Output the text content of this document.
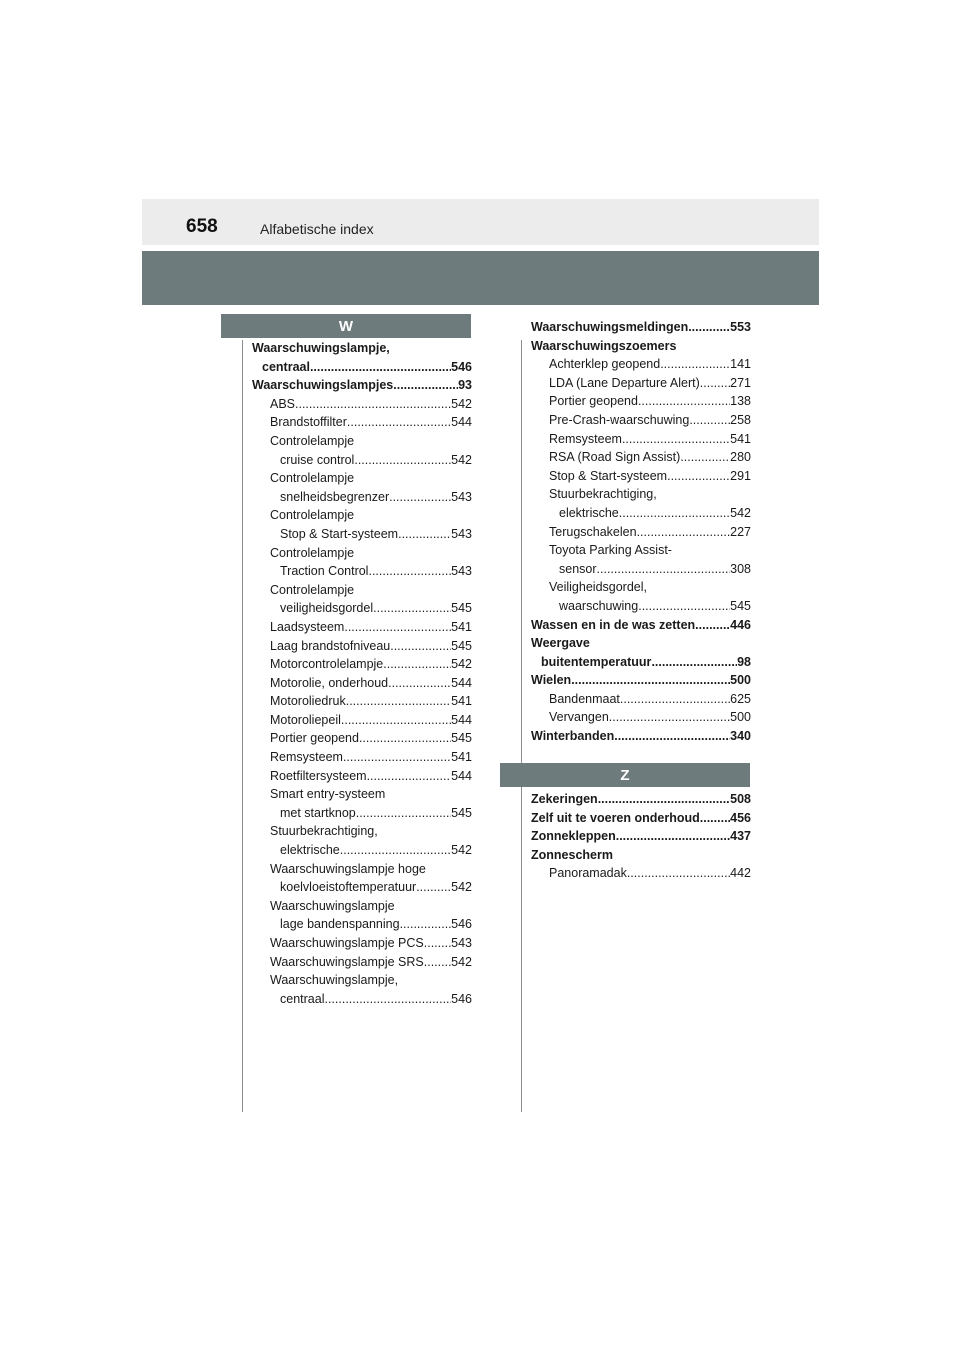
658	Alfabetische index
W
Z
Waarschuwingslampje,
centraal .....	546
Waarschuwingslampjes .....	93
ABS .....	542
Brandstoffilter .....	544
Controlelampje
cruise control .....	542
Controlelampje
snelheidsbegrenzer .....	543
Controlelampje
Stop & Start-systeem .....	543
Controlelampje
Traction Control .....	543
Controlelampje
veiligheidsgordel .....	545
Laadsysteem .....	541
Laag brandstofniveau .....	545
Motorcontrolelampje .....	542
Motorolie, onderhoud .....	544
Motoroliedruk .....	541
Motoroliepeil .....	544
Portier geopend .....	545
Remsysteem .....	541
Roetfiltersysteem .....	544
Smart entry-systeem
met startknop .....	545
Stuurbekrachtiging,
elektrische .....	542
Waarschuwingslampje hoge
koelvloeistoftemperatuur .....	542
Waarschuwingslampje
lage bandenspanning .....	546
Waarschuwingslampje PCS ..... 543
Waarschuwingslampje SRS ..... 542
Waarschuwingslampje,
centraal .....	546
Waarschuwingsmeldingen .....	553
Waarschuwingszoemers
Achterklep geopend .....	141
LDA (Lane Departure Alert) ..... 271
Portier geopend .....	138
Pre-Crash-waarschuwing .....	258
Remsysteem .....	541
RSA (Road Sign Assist) .....	280
Stop & Start-systeem .....	291
Stuurbekrachtiging,
elektrische .....	542
Terugschakelen .....	227
Toyota Parking Assist-
sensor .....	308
Veiligheidsgordel,
waarschuwing .....	545
Wassen en in de was zetten .....	446
Weergave
buitentemperatuur .....	98
Wielen .....	500
Bandenmaat .....	625
Vervangen .....	500
Winterbanden .....	340
Zekeringen .....	508
Zelf uit te voeren onderhoud ..... 456
Zonnekleppen .....	437
Zonnescherm
Panoramadak .....	442
